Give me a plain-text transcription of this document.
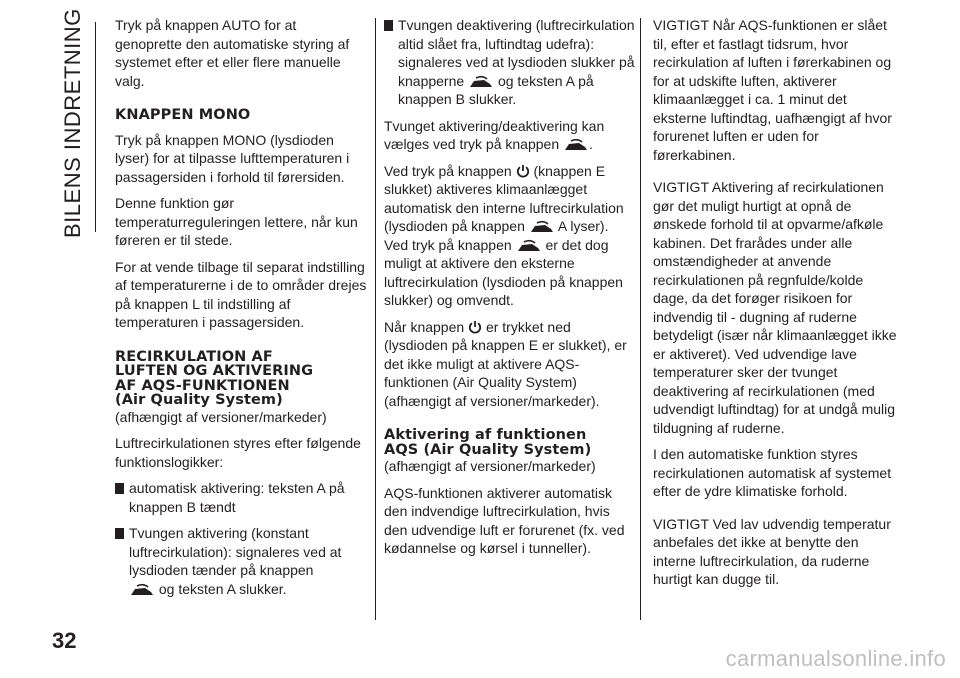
BILENS INDRETNING
32
carmanualsonline.info

Tryk på knappen AUTO for at genoprette den automatiske styring af systemet efter et eller flere manuelle valg.

KNAPPEN MONO

Tryk på knappen MONO (lysdioden lyser) for at tilpasse lufttemperaturen i passagersiden i forhold til førersiden.

Denne funktion gør temperaturreguleringen lettere, når kun føreren er til stede.

For at vende tilbage til separat indstilling af temperaturerne i de to områder drejes på knappen L til indstilling af temperaturen i passagersiden.

RECIRKULATION AF
LUFTEN OG AKTIVERING
AF AQS-FUNKTIONEN
(Air Quality System)

(afhængigt af versioner/markeder)

Luftrecirkulationen styres efter følgende funktionslogikker:

automatisk aktivering: teksten A på knappen B tændt

Tvungen aktivering (konstant luftrecirkulation): signaleres ved at lysdioden tænder på knappen

og teksten A slukker.

Tvungen deaktivering (luftrecirkulation altid slået fra, luftindtag udefra): signaleres ved at lysdioden slukker på knapperne og teksten A på knappen B slukker.

Tvunget aktivering/deaktivering kan vælges ved tryk på knappen .

Ved tryk på knappen (knappen E slukket) aktiveres klimaanlægget automatisk den interne luftrecirkulation (lysdioden på knappen A lyser). Ved tryk på knappen er det dog muligt at aktivere den eksterne luftrecirkulation (lysdioden på knappen slukker) og omvendt.

Når knappen er trykket ned (lysdioden på knappen E er slukket), er det ikke muligt at aktivere AQS-funktionen (Air Quality System) (afhængigt af versioner/markeder).

Aktivering af funktionen
AQS (Air Quality System)

(afhængigt af versioner/markeder)

AQS-funktionen aktiverer automatisk den indvendige luftrecirkulation, hvis den udvendige luft er forurenet (fx. ved kødannelse og kørsel i tunneller).

VIGTIGT Når AQS-funktionen er slået til, efter et fastlagt tidsrum, hvor recirkulation af luften i førerkabinen og for at udskifte luften, aktiverer klimaanlægget i ca. 1 minut det eksterne luftindtag, uafhængigt af hvor forurenet luften er uden for førerkabinen.

VIGTIGT Aktivering af recirkulationen gør det muligt hurtigt at opnå de ønskede forhold til at opvarme/afkøle kabinen. Det frarådes under alle omstændigheder at anvende recirkulationen på regnfulde/kolde dage, da det forøger risikoen for indvendig til - dugning af ruderne betydeligt (især når klimaanlægget ikke er aktiveret). Ved udvendige lave temperaturer sker der tvunget deaktivering af recirkulationen (med udvendigt luftindtag) for at undgå mulig tildugning af ruderne.

I den automatiske funktion styres recirkulationen automatisk af systemet efter de ydre klimatiske forhold.

VIGTIGT Ved lav udvendig temperatur anbefales det ikke at benytte den interne luftrecirkulation, da ruderne hurtigt kan dugge til.
